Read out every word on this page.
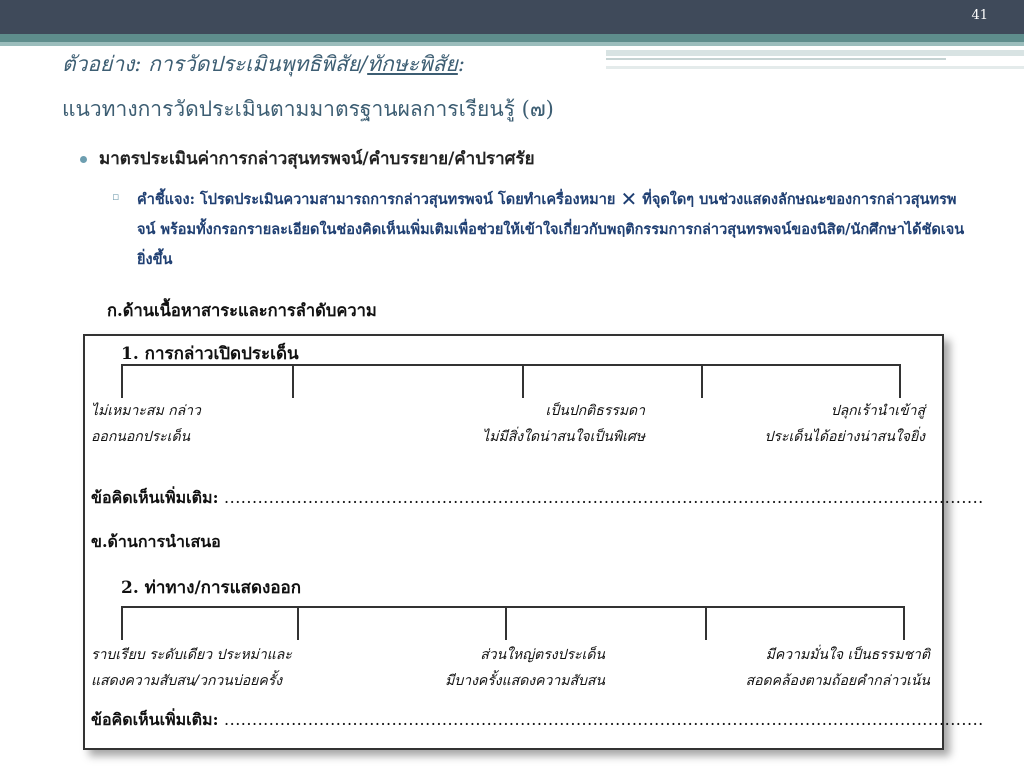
41
ตัวอย่าง: การวัดประเมินพุทธิพิสัย/ทักษะพิสัย:
แนวทางการวัดประเมินตามมาตรฐานผลการเรียนรู้ (๗)
มาตรประเมินค่าการกล่าวสุนทรพจน์/คำบรรยาย/คำปราศรัย
▫ คำชี้แจง: โปรดประเมินความสามารถการกล่าวสุนทรพจน์ โดยทำเครื่องหมาย ✕ ที่จุดใดๆ บนช่วงแสดงลักษณะของการกล่าวสุนทรพจน์ พร้อมทั้งกรอกรายละเอียดในช่องคิดเห็นเพิ่มเติมเพื่อช่วยให้เข้าใจเกี่ยวกับพฤติกรรมการกล่าวสุนทรพจน์ของนิสิต/นักศึกษาได้ชัดเจนยิ่งขึ้น
ก.ด้านเนื้อหาสาระและการลำดับความ
1. การกล่าวเปิดประเด็น
ไม่เหมาะสม กล่าว
ออกนอกประเด็น
เป็นปกติธรรมดา
ไม่มีสิ่งใดน่าสนใจเป็นพิเศษ
ปลุกเร้านำเข้าสู่
ประเด็นได้อย่างน่าสนใจยิ่ง
ข้อคิดเห็นเพิ่มเติม: ........................................................................................................................................
ข.ด้านการนำเสนอ
2. ท่าทาง/การแสดงออก
ราบเรียบ ระดับเดียว ประหม่าและ
แสดงความสับสน/วกวนบ่อยครั้ง
ส่วนใหญ่ตรงประเด็น
มีบางครั้งแสดงความสับสน
มีความมั่นใจ เป็นธรรมชาติ
สอดคล้องตามถ้อยคำกล่าวเน้น
ข้อคิดเห็นเพิ่มเติม: ........................................................................................................................................
